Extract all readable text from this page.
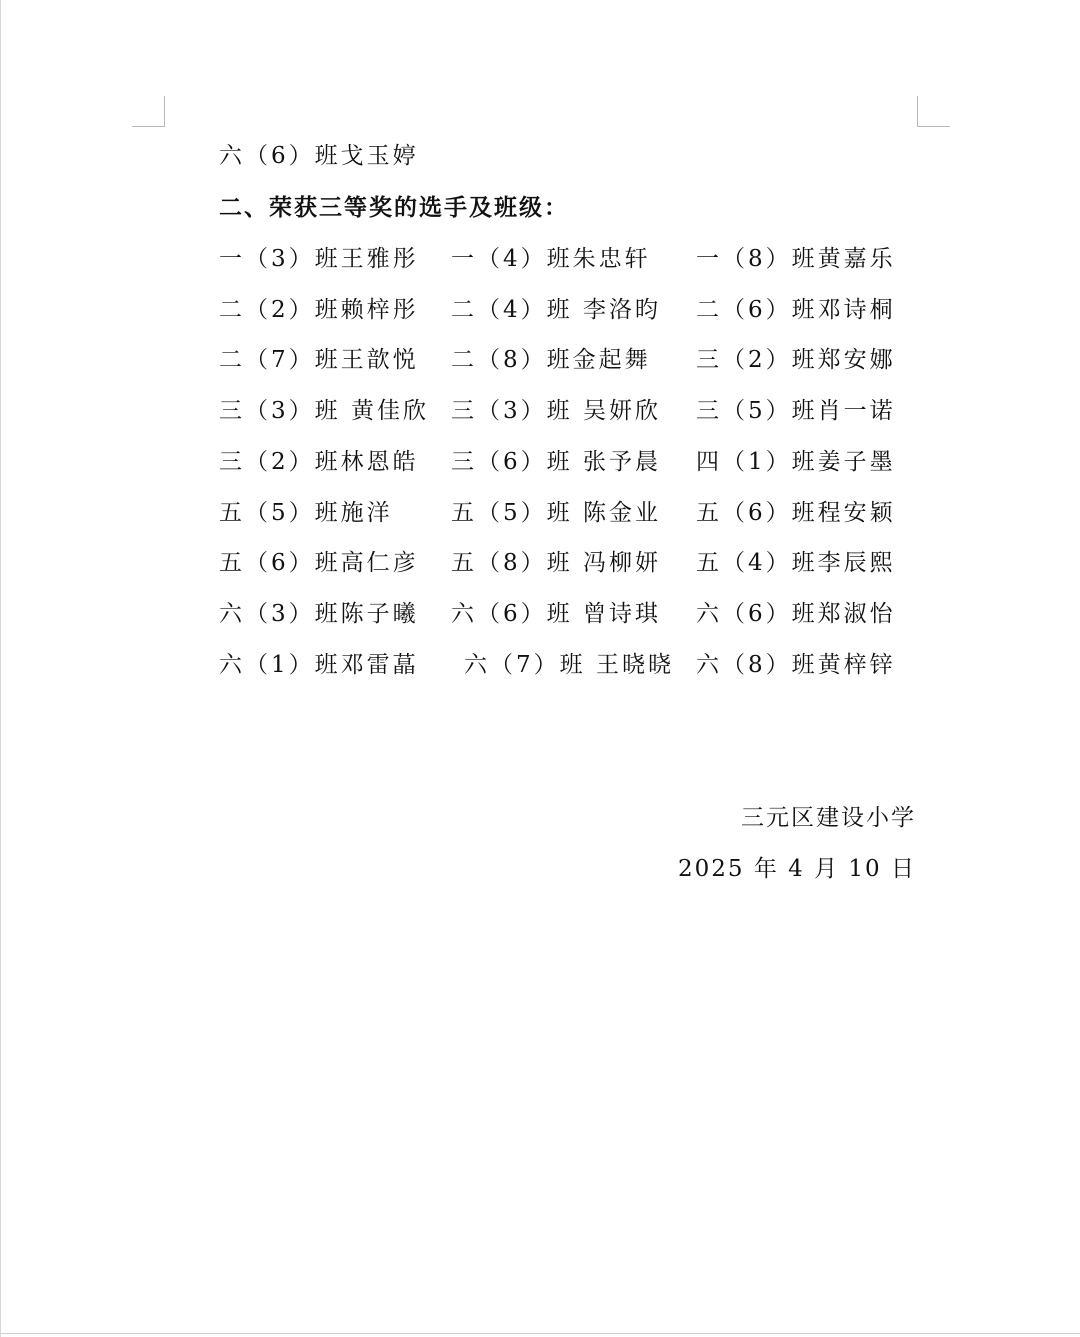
六（6）班戈玉婷
二、荣获三等奖的选手及班级：
一（3）班王雅彤 一（4）班朱忠轩 一（8）班黄嘉乐
二（2）班赖梓彤 二（4）班 李洛昀 二（6）班邓诗桐
二（7）班王歆悦 二（8）班金起舞 三（2）班郑安娜
三（3）班 黄佳欣 三（3）班 吴妍欣 三（5）班肖一诺
三（2）班林恩皓 三（6）班 张予晨 四（1）班姜子墨
五（5）班施洋	五（5）班 陈金业 五（6）班程安颖
五（6）班高仁彦 五（8）班 冯柳妍 五（4）班李辰熙
六（3）班陈子曦 六（6）班 曾诗琪 六（6）班郑淑怡
六（1）班邓雷蕌 六（7）班 王晓晓 六（8）班黄梓锌
三元区建设小学
2025 年 4 月 10 日
